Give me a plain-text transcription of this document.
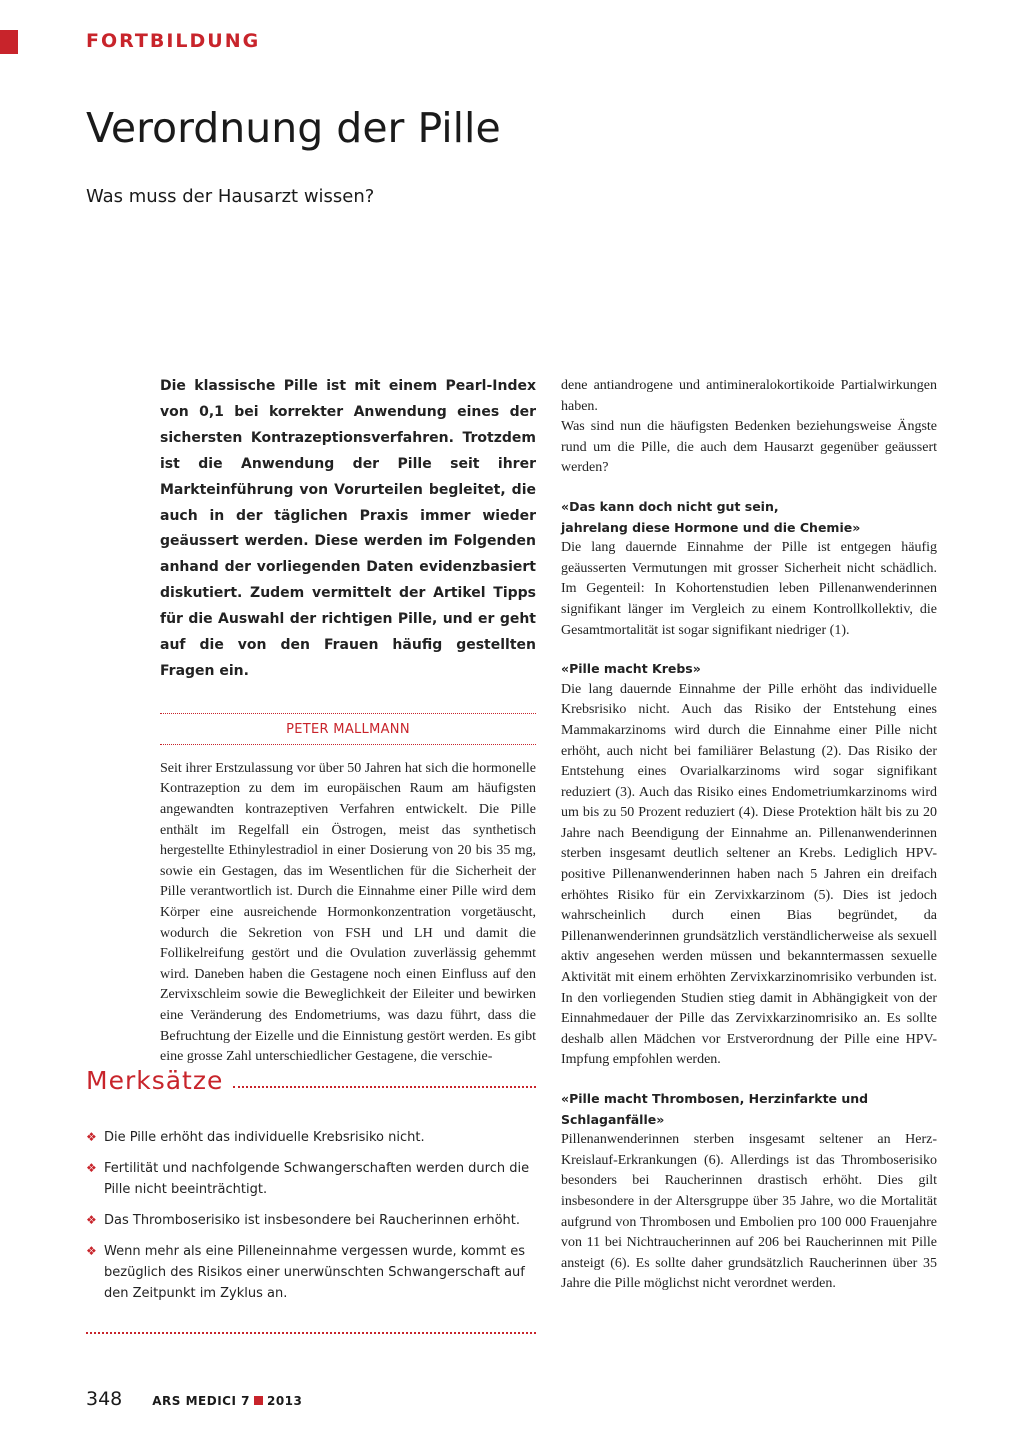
FORTBILDUNG
Verordnung der Pille
Was muss der Hausarzt wissen?

Die klassische Pille ist mit einem Pearl-Index von 0,1 bei korrekter Anwendung eines der sichersten Kontrazeptionsverfahren. Trotzdem ist die Anwendung der Pille seit ihrer Markteinführung von Vorurteilen begleitet, die auch in der täglichen Praxis immer wieder geäussert werden. Diese werden im Folgenden anhand der vorliegenden Daten evidenzbasiert diskutiert. Zudem vermittelt der Artikel Tipps für die Auswahl der richtigen Pille, und er geht auf die von den Frauen häufig gestellten Fragen ein.

PETER MALLMANN

Seit ihrer Erstzulassung vor über 50 Jahren hat sich die hormonelle Kontrazeption zu dem im europäischen Raum am häufigsten angewandten kontrazeptiven Verfahren entwickelt. Die Pille enthält im Regelfall ein Östrogen, meist das synthetisch hergestellte Ethinylestradiol in einer Dosierung von 20 bis 35 mg, sowie ein Gestagen, das im Wesentlichen für die Sicherheit der Pille verantwortlich ist. Durch die Einnahme einer Pille wird dem Körper eine ausreichende Hormonkonzentration vorgetäuscht, wodurch die Sekretion von FSH und LH und damit die Follikelreifung gestört und die Ovulation zuverlässig gehemmt wird. Daneben haben die Gestagene noch einen Einfluss auf den Zervixschleim sowie die Beweglichkeit der Eileiter und bewirken eine Veränderung des Endometriums, was dazu führt, dass die Befruchtung der Eizelle und die Einnistung gestört werden. Es gibt eine grosse Zahl unterschiedlicher Gestagene, die verschie-

Merksätze
❖ Die Pille erhöht das individuelle Krebsrisiko nicht.
❖ Fertilität und nachfolgende Schwangerschaften werden durch die Pille nicht beeinträchtigt.
❖ Das Thromboserisiko ist insbesondere bei Raucherinnen erhöht.
❖ Wenn mehr als eine Pilleneinnahme vergessen wurde, kommt es bezüglich des Risikos einer unerwünschten Schwangerschaft auf den Zeitpunkt im Zyklus an.

dene antiandrogene und antimineralokortikoide Partialwirkungen haben.

Was sind nun die häufigsten Bedenken beziehungsweise Ängste rund um die Pille, die auch dem Hausarzt gegenüber geäussert werden?

«Das kann doch nicht gut sein,
jahrelang diese Hormone und die Chemie»

Die lang dauernde Einnahme der Pille ist entgegen häufig geäusserten Vermutungen mit grosser Sicherheit nicht schädlich. Im Gegenteil: In Kohortenstudien leben Pillenanwenderinnen signifikant länger im Vergleich zu einem Kontrollkollektiv, die Gesamtmortalität ist sogar signifikant niedriger (1).

«Pille macht Krebs»

Die lang dauernde Einnahme der Pille erhöht das individuelle Krebsrisiko nicht. Auch das Risiko der Entstehung eines Mammakarzinoms wird durch die Einnahme einer Pille nicht erhöht, auch nicht bei familiärer Belastung (2). Das Risiko der Entstehung eines Ovarialkarzinoms wird sogar signifikant reduziert (3). Auch das Risiko eines Endometriumkarzinoms wird um bis zu 50 Prozent reduziert (4). Diese Protektion hält bis zu 20 Jahre nach Beendigung der Einnahme an. Pillenanwenderinnen sterben insgesamt deutlich seltener an Krebs. Lediglich HPV-positive Pillenanwenderinnen haben nach 5 Jahren ein dreifach erhöhtes Risiko für ein Zervixkarzinom (5). Dies ist jedoch wahrscheinlich durch einen Bias begründet, da Pillenanwenderinnen grundsätzlich verständlicherweise als sexuell aktiv angesehen werden müssen und bekanntermassen sexuelle Aktivität mit einem erhöhten Zervixkarzinomrisiko verbunden ist. In den vorliegenden Studien stieg damit in Abhängigkeit von der Einnahmedauer der Pille das Zervixkarzinomrisiko an. Es sollte deshalb allen Mädchen vor Erstverordnung der Pille eine HPV-Impfung empfohlen werden.

«Pille macht Thrombosen, Herzinfarkte und Schlaganfälle»

Pillenanwenderinnen sterben insgesamt seltener an Herz-Kreislauf-Erkrankungen (6). Allerdings ist das Thromboserisiko besonders bei Raucherinnen drastisch erhöht. Dies gilt insbesondere in der Altersgruppe über 35 Jahre, wo die Mortalität aufgrund von Thrombosen und Embolien pro 100 000 Frauenjahre von 11 bei Nichtraucherinnen auf 206 bei Raucherinnen mit Pille ansteigt (6). Es sollte daher grundsätzlich Raucherinnen über 35 Jahre die Pille möglichst nicht verordnet werden.

348	ARS MEDICI 7 2013
